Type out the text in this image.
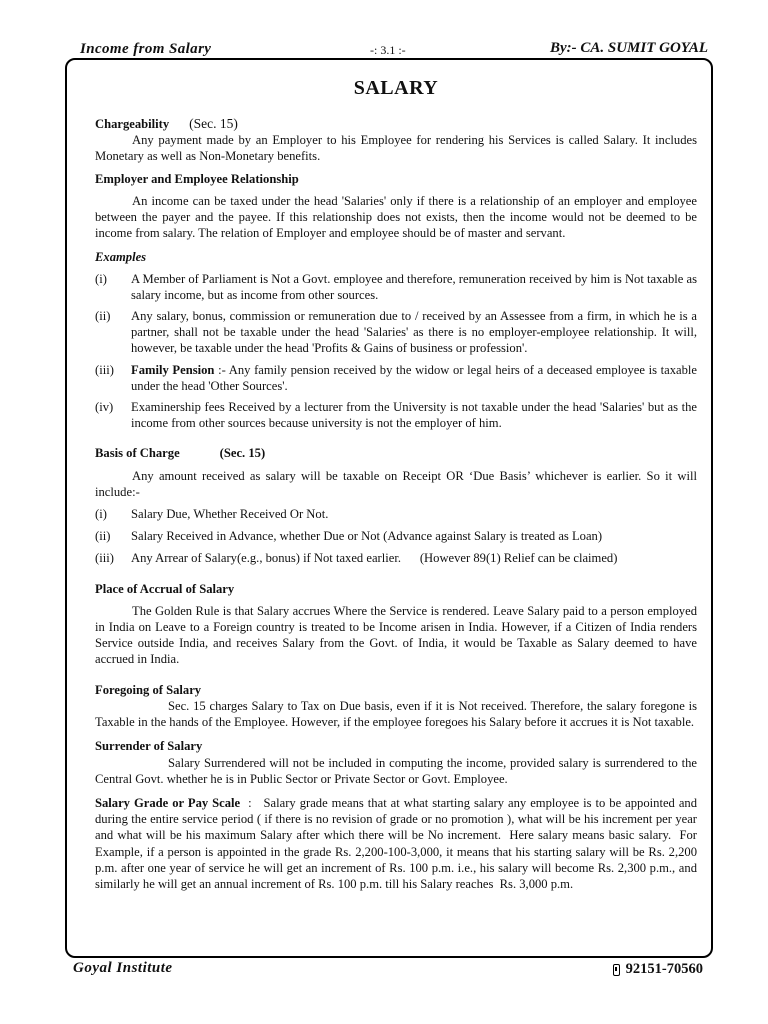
Income from Salary	-: 3.1 :-	By:- CA. SUMIT GOYAL
SALARY
Chargeability (Sec. 15)

Any payment made by an Employer to his Employee for rendering his Services is called Salary. It includes Monetary as well as Non-Monetary benefits.

Employer and Employee Relationship

An income can be taxed under the head 'Salaries' only if there is a relationship of an employer and employee between the payer and the payee. If this relationship does not exists, then the income would not be deemed to be income from salary. The relation of Employer and employee should be of master and servant.

Examples
(i)	A Member of Parliament is Not a Govt. employee and therefore, remuneration received by him is Not taxable as salary income, but as income from other sources.
(ii)	Any salary, bonus, commission or remuneration due to / received by an Assessee from a firm, in which he is a partner, shall not be taxable under the head 'Salaries' as there is no employer-employee relationship. It will, however, be taxable under the head 'Profits & Gains of business or profession'.
(iii)	Family Pension :- Any family pension received by the widow or legal heirs of a deceased employee is taxable under the head 'Other Sources'.
(iv)	Examinership fees Received by a lecturer from the University is not taxable under the head 'Salaries' but as the income from other sources because university is not the employer of him.
Basis of Charge	(Sec. 15)

Any amount received as salary will be taxable on Receipt OR ‘Due Basis’ whichever is earlier. So it will include:-

(i)	Salary Due, Whether Received Or Not.
(ii)	Salary Received in Advance, whether Due or Not (Advance against Salary is treated as Loan)
(iii)	Any Arrear of Salary(e.g., bonus) if Not taxed earlier.      (However 89(1) Relief can be claimed)
Place of Accrual of Salary

The Golden Rule is that Salary accrues Where the Service is rendered. Leave Salary paid to a person employed in India on Leave to a Foreign country is treated to be Income arisen in India. However, if a Citizen of India renders Service outside India, and receives Salary from the Govt. of India, it would be Taxable as Salary deemed to have accrued in India.

Foregoing of Salary

Sec. 15 charges Salary to Tax on Due basis, even if it is Not received. Therefore, the salary foregone is Taxable in the hands of the Employee. However, if the employee foregoes his Salary before it accrues it is Not taxable.

Surrender of Salary

Salary Surrendered will not be included in computing the income, provided salary is surrendered to the Central Govt. whether he is in Public Sector or Private Sector or Govt. Employee.

Salary Grade or Pay Scale  :   Salary grade means that at what starting salary any employee is to be appointed and during the entire service period ( if there is no revision of grade or no promotion ), what will be his increment per year and what will be his maximum Salary after which there will be No increment.  Here salary means basic salary.  For Example, if a person is appointed in the grade Rs. 2,200-100-3,000, it means that his starting salary will be Rs. 2,200 p.m. after one year of service he will get an increment of Rs. 100 p.m. i.e., his salary will become Rs. 2,300 p.m., and similarly he will get an annual increment of Rs. 100 p.m. till his Salary reaches  Rs. 3,000 p.m.

Goyal Institute	92151-70560
